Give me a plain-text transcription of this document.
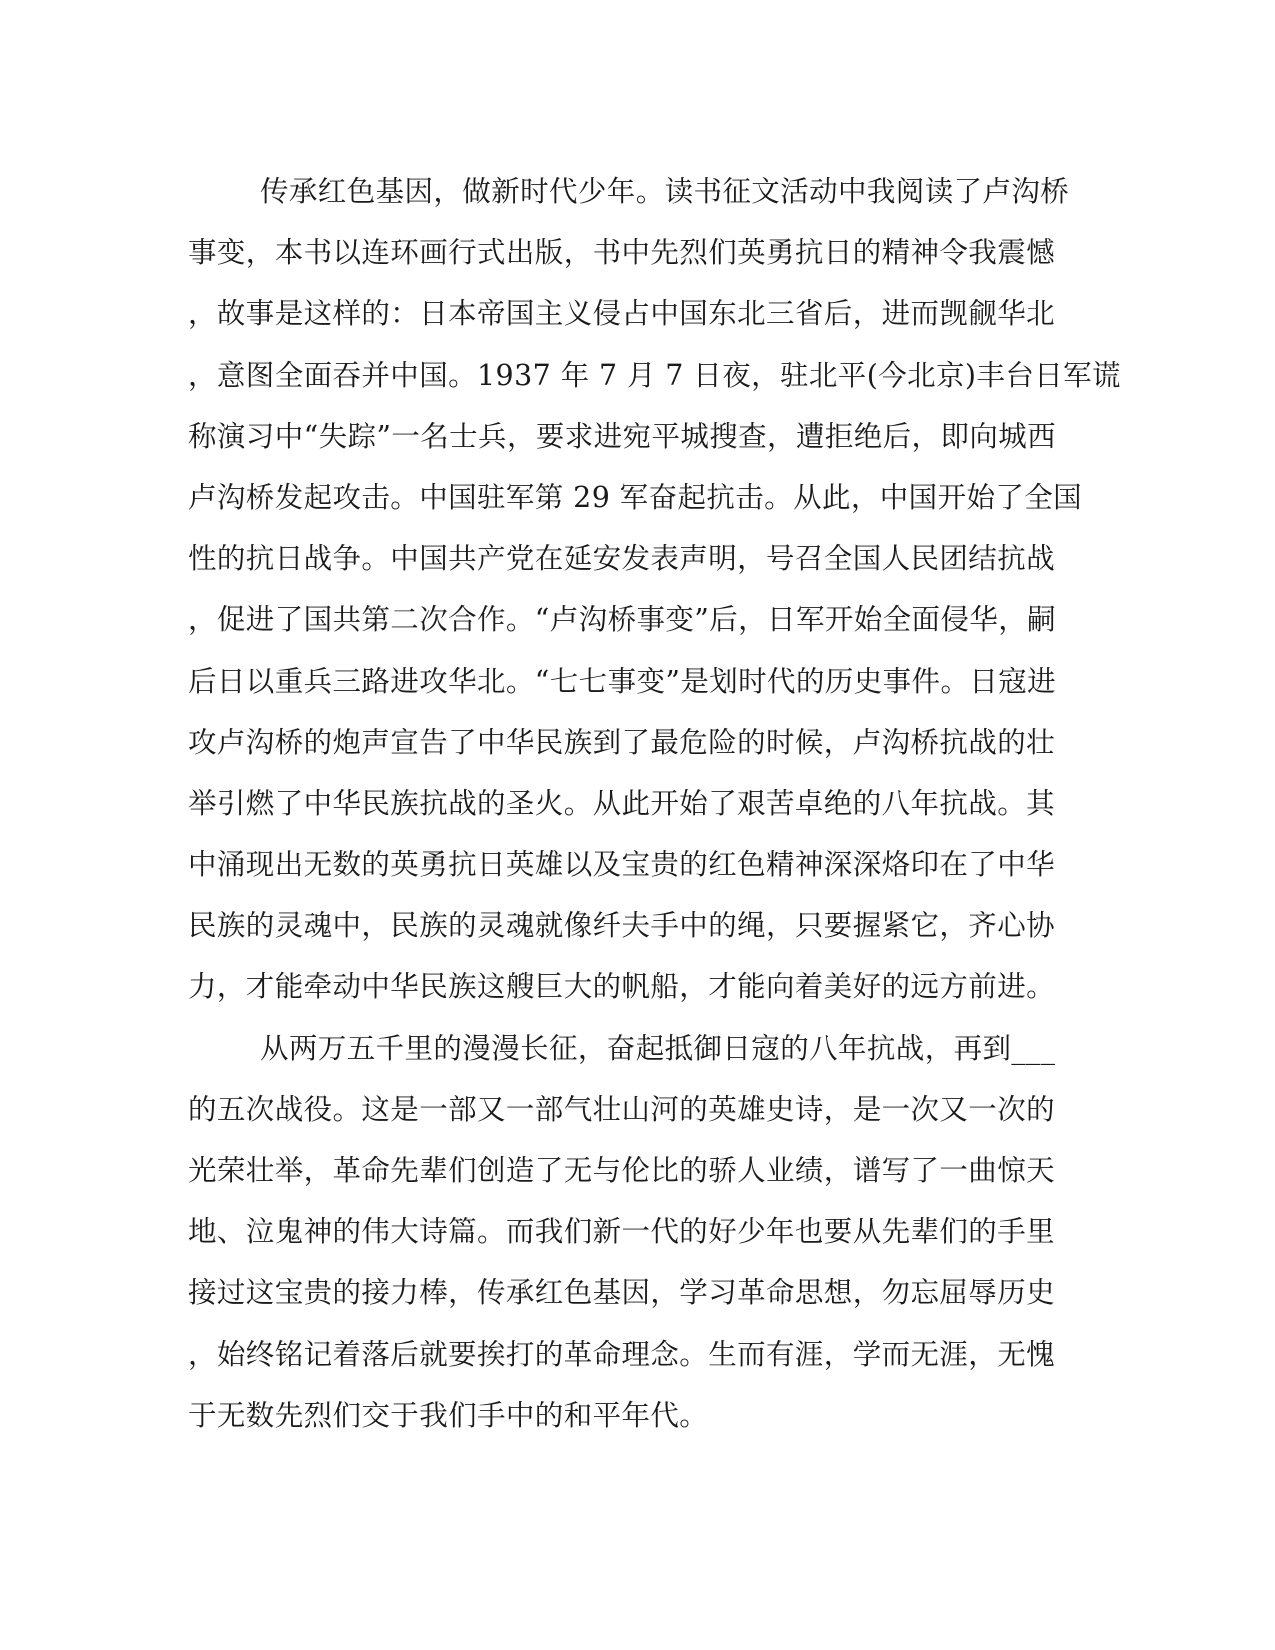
传承红色基因，做新时代少年。读书征文活动中我阅读了卢沟桥
事变，本书以连环画行式出版，书中先烈们英勇抗日的精神令我震憾
，故事是这样的：日本帝国主义侵占中国东北三省后，进而觊觎华北
，意图全面吞并中国。1937 年 7 月 7 日夜，驻北平(今北京)丰台日军谎
称演习中“失踪”一名士兵，要求进宛平城搜查，遭拒绝后，即向城西
卢沟桥发起攻击。中国驻军第 29 军奋起抗击。从此，中国开始了全国
性的抗日战争。中国共产党在延安发表声明，号召全国人民团结抗战
，促进了国共第二次合作。“卢沟桥事变”后，日军开始全面侵华，嗣
后日以重兵三路进攻华北。“七七事变”是划时代的历史事件。日寇进
攻卢沟桥的炮声宣告了中华民族到了最危险的时候，卢沟桥抗战的壮
举引燃了中华民族抗战的圣火。从此开始了艰苦卓绝的八年抗战。其
中涌现出无数的英勇抗日英雄以及宝贵的红色精神深深烙印在了中华
民族的灵魂中，民族的灵魂就像纤夫手中的绳，只要握紧它，齐心协
力，才能牵动中华民族这艘巨大的帆船，才能向着美好的远方前进。
从两万五千里的漫漫长征，奋起抵御日寇的八年抗战，再到___
的五次战役。这是一部又一部气壮山河的英雄史诗，是一次又一次的
光荣壮举，革命先辈们创造了无与伦比的骄人业绩，谱写了一曲惊天
地、泣鬼神的伟大诗篇。而我们新一代的好少年也要从先辈们的手里
接过这宝贵的接力棒，传承红色基因，学习革命思想，勿忘屈辱历史
，始终铭记着落后就要挨打的革命理念。生而有涯，学而无涯，无愧
于无数先烈们交于我们手中的和平年代。
